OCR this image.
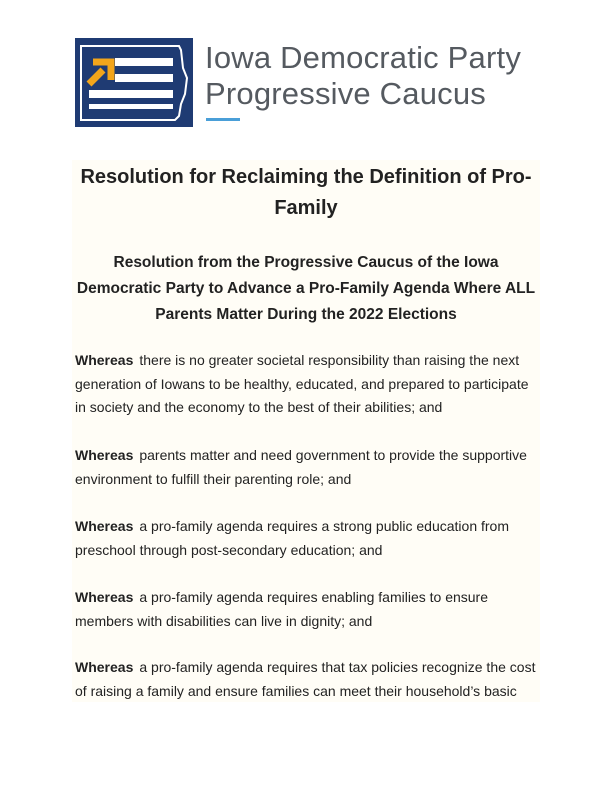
Iowa Democratic Party
Progressive Caucus
Resolution for Reclaiming the Definition of Pro-Family
Resolution from the Progressive Caucus of the Iowa Democratic Party to Advance a Pro-Family Agenda Where ALL Parents Matter During the 2022 Elections
Whereas there is no greater societal responsibility than raising the next generation of Iowans to be healthy, educated, and prepared to participate in society and the economy to the best of their abilities; and
Whereas parents matter and need government to provide the supportive environment to fulfill their parenting role; and
Whereas a pro-family agenda requires a strong public education from preschool through post-secondary education; and
Whereas a pro-family agenda requires enabling families to ensure members with disabilities can live in dignity; and
Whereas a pro-family agenda requires that tax policies recognize the cost of raising a family and ensure families can meet their household’s basic
